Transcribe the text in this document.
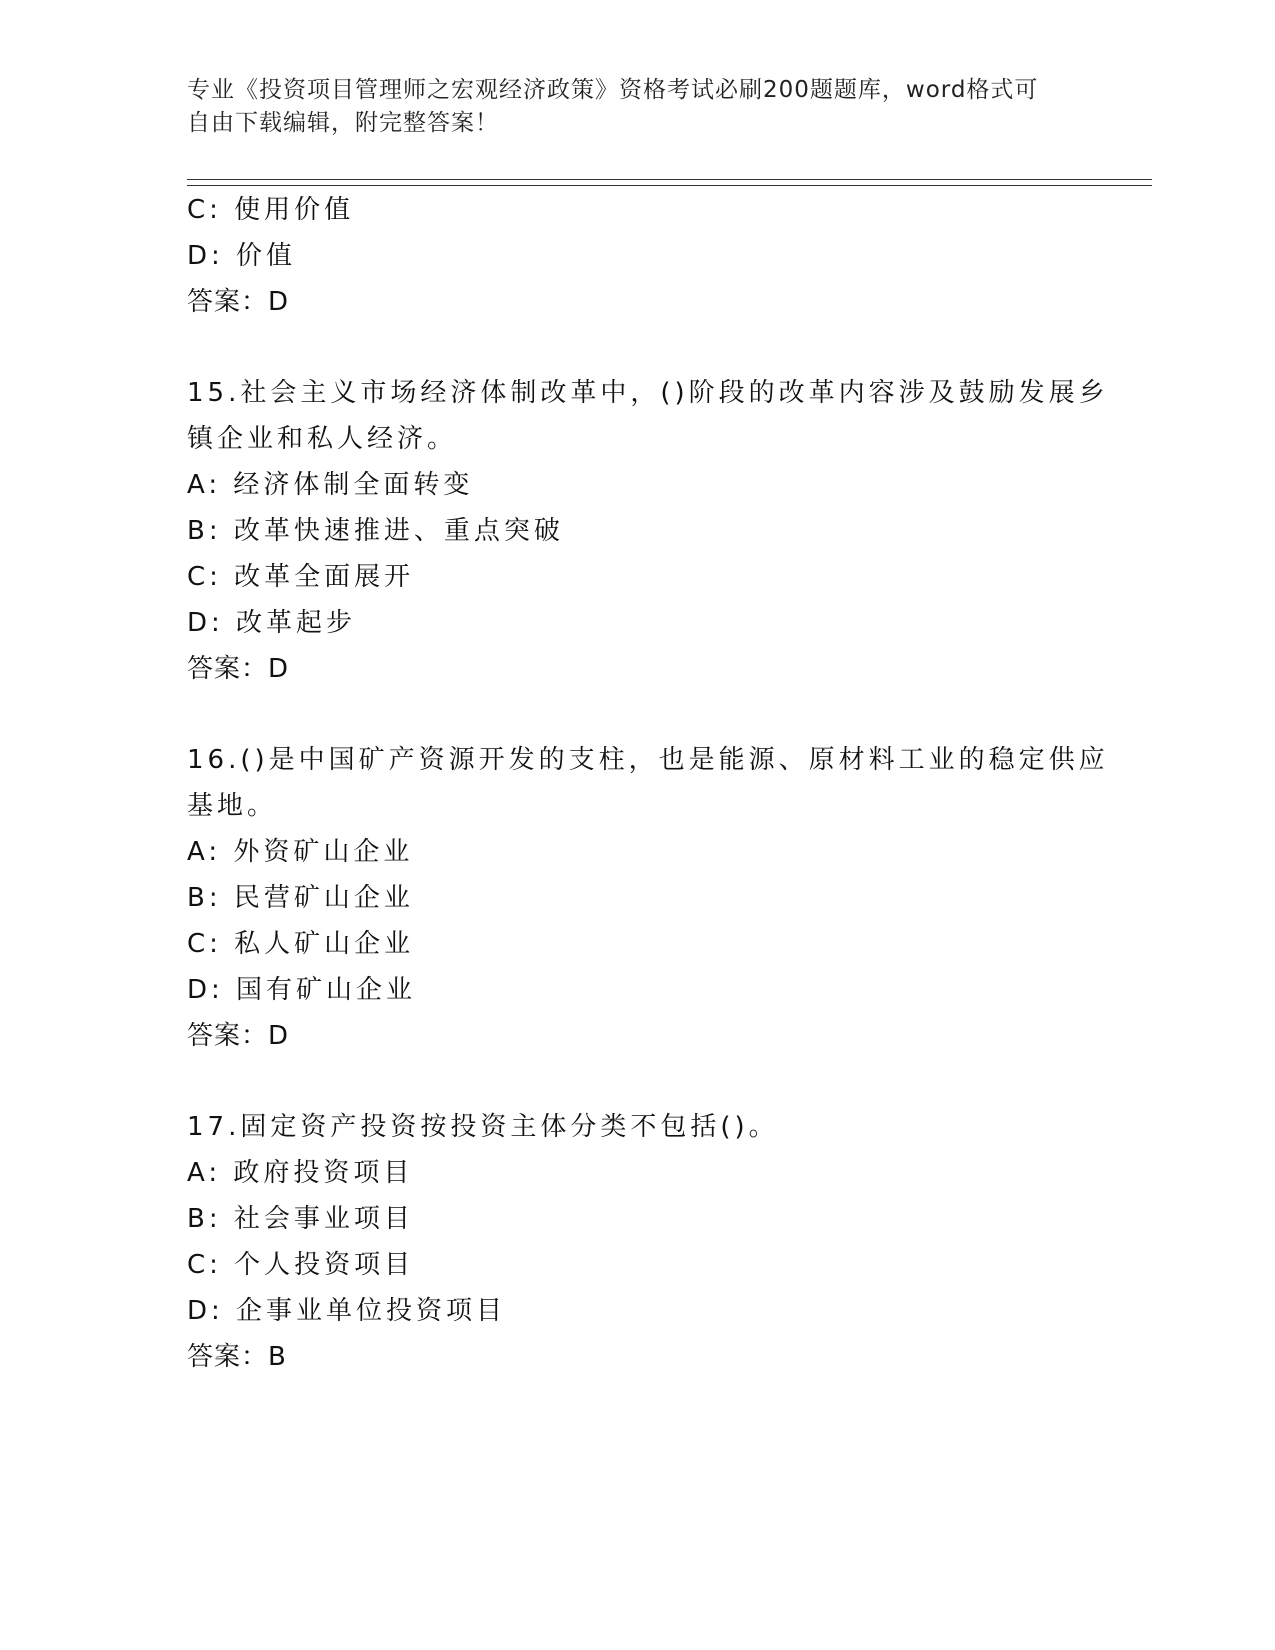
专业《投资项目管理师之宏观经济政策》资格考试必刷200题题库，word格式可
自由下载编辑，附完整答案！
C: 使用价值
D: 价值
答案：D
15.社会主义市场经济体制改革中，()阶段的改革内容涉及鼓励发展乡
镇企业和私人经济。
A: 经济体制全面转变
B: 改革快速推进、重点突破
C: 改革全面展开
D: 改革起步
答案：D
16.()是中国矿产资源开发的支柱，也是能源、原材料工业的稳定供应
基地。
A: 外资矿山企业
B: 民营矿山企业
C: 私人矿山企业
D: 国有矿山企业
答案：D
17.固定资产投资按投资主体分类不包括()。
A: 政府投资项目
B: 社会事业项目
C: 个人投资项目
D: 企事业单位投资项目
答案：B
